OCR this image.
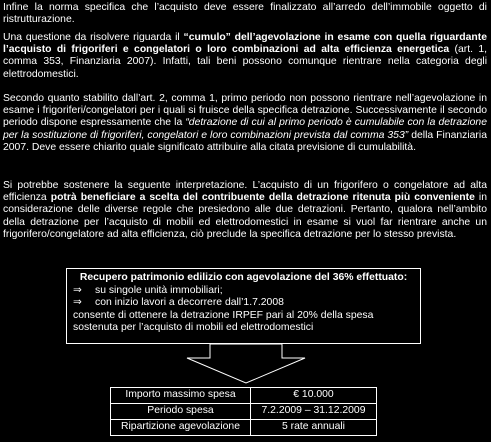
Infine la norma specifica che l’acquisto deve essere finalizzato all’arredo dell’immobile oggetto di ristrutturazione.

Una questione da risolvere riguarda il “cumulo” dell’agevolazione in esame con quella riguardante l’acquisto di frigoriferi e congelatori o loro combinazioni ad alta efficienza energetica (art. 1, comma 353, Finanziaria 2007). Infatti, tali beni possono comunque rientrare nella categoria degli elettrodomestici.

Secondo quanto stabilito dall’art. 2, comma 1, primo periodo non possono rientrare nell’agevolazione in esame i frigoriferi/congelatori per i quali si fruisce della specifica detrazione. Successivamente il secondo periodo dispone espressamente che la “detrazione di cui al primo periodo è cumulabile con la detrazione per la sostituzione di frigoriferi, congelatori e loro combinazioni prevista dal comma 353” della Finanziaria 2007. Deve essere chiarito quale significato attribuire alla citata previsione di cumulabilità.

Si potrebbe sostenere la seguente interpretazione. L’acquisto di un frigorifero o congelatore ad alta efficienza potrà beneficiare a scelta del contribuente della detrazione ritenuta più conveniente in considerazione delle diverse regole che presiedono alle due detrazioni. Pertanto, qualora nell’ambito della detrazione per l’acquisto di mobili ed elettrodomestici in esame si vuol far rientrare anche un frigorifero/congelatore ad alta efficienza, ciò preclude la specifica detrazione per lo stesso prevista.

Recupero patrimonio edilizio con agevolazione del 36% effettuato:

⇒ su singole unità immobiliari;

⇒ con inizio lavori a decorrere dall’1.7.2008

consente di ottenere la detrazione IRPEF pari al 20% della spesa sostenuta per l’acquisto di mobili ed elettrodomestici

Importo massimo spesa	€ 10.000
Periodo spesa	7.2.2009 – 31.12.2009
Ripartizione agevolazione	5 rate annuali
